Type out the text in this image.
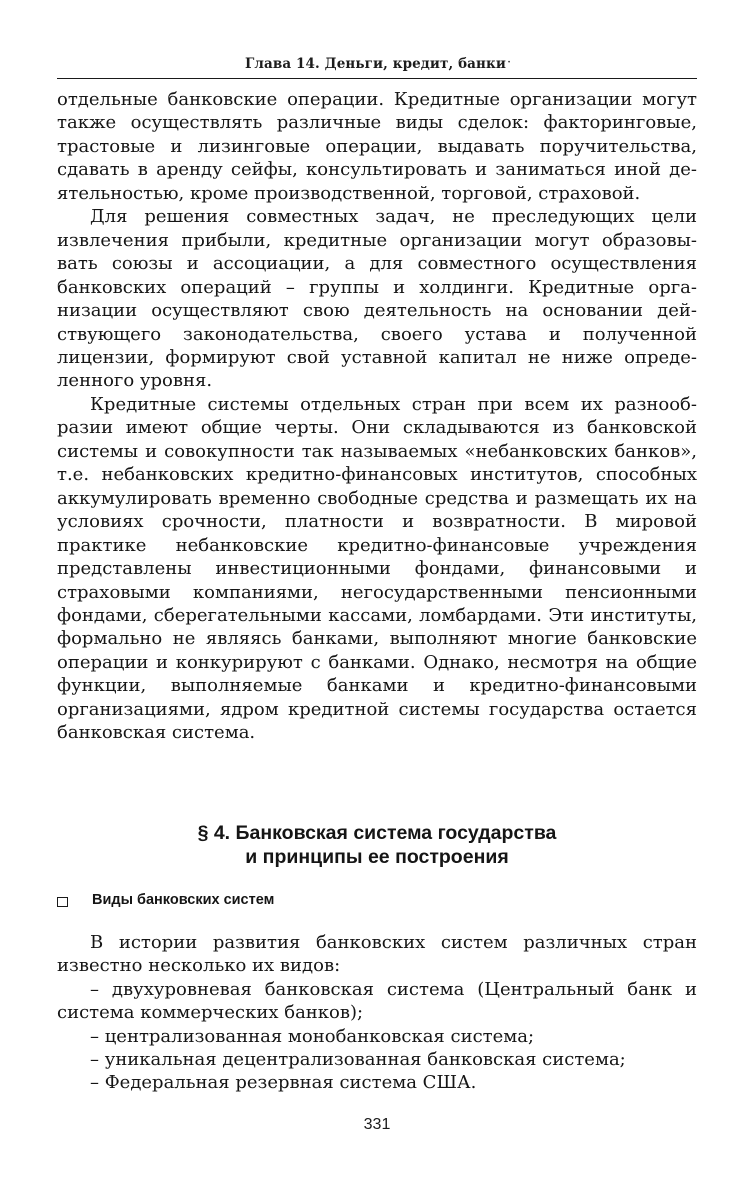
Глава 14. Деньги, кредит, банки ·

отдельные банковские операции. Кредитные организации могут также осуществлять различные виды сделок: факторинговые, трастовые и лизинговые операции, выдавать поручительства, сдавать в аренду сейфы, консультировать и заниматься иной деятельностью, кроме производственной, торговой, страховой.

Для решения совместных задач, не преследующих цели извлечения прибыли, кредитные организации могут образовывать союзы и ассоциации, а для совместного осуществления банковских операций – группы и холдинги. Кредитные организации осуществляют свою деятельность на основании действующего законодательства, своего устава и полученной лицензии, формируют свой уставной капитал не ниже определенного уровня.

Кредитные системы отдельных стран при всем их разнообразии имеют общие черты. Они складываются из банковской системы и совокупности так называемых «небанковских банков», т.е. небанковских кредитно-финансовых институтов, способных аккумулировать временно свободные средства и размещать их на условиях срочности, платности и возвратности. В мировой практике небанковские кредитно-финансовые учреждения представлены инвестиционными фондами, финансовыми и страховыми компаниями, негосударственными пенсионными фондами, сберегательными кассами, ломбардами. Эти институты, формально не являясь банками, выполняют многие банковские операции и конкурируют с банками. Однако, несмотря на общие функции, выполняемые банками и кредитно-финансовыми организациями, ядром кредитной системы государства остается банковская система.

§ 4. Банковская система государства
и принципы ее построения
Виды банковских систем

В истории развития банковских систем различных стран известно несколько их видов:

– двухуровневая банковская система (Центральный банк и система коммерческих банков);

– централизованная монобанковская система;

– уникальная децентрализованная банковская система;

– Федеральная резервная система США.

331
